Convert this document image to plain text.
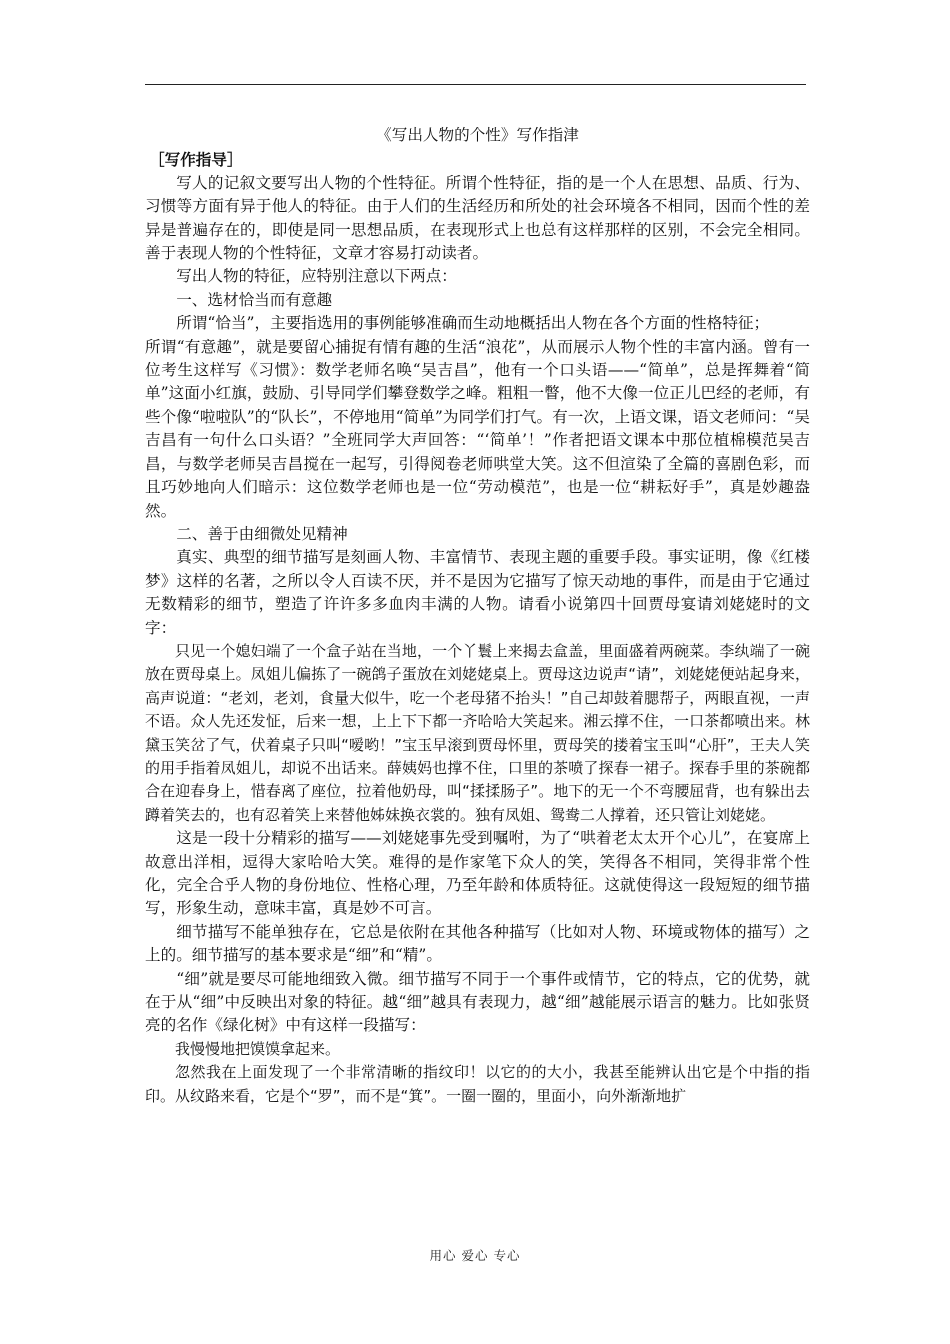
《写出人物的个性》写作指津
［写作指导］

写人的记叙文要写出人物的个性特征。所谓个性特征，指的是一个人在思想、品质、行为、习惯等方面有异于他人的特征。由于人们的生活经历和所处的社会环境各不相同，因而个性的差异是普遍存在的，即使是同一思想品质，在表现形式上也总有这样那样的区别，不会完全相同。善于表现人物的个性特征，文章才容易打动读者。

写出人物的特征，应特别注意以下两点：

一、选材恰当而有意趣

所谓“恰当”，主要指选用的事例能够准确而生动地概括出人物在各个方面的性格特征；

所谓“有意趣”，就是要留心捕捉有情有趣的生活“浪花”，从而展示人物个性的丰富内涵。曾有一位考生这样写《习惯》：数学老师名唤“吴吉昌”，他有一个口头语——“简单”，总是挥舞着“简单”这面小红旗，鼓励、引导同学们攀登数学之峰。粗粗一瞥，他不大像一位正儿巴经的老师，有些个像“啦啦队”的“队长”，不停地用“简单”为同学们打气。有一次，上语文课，语文老师问：“吴吉昌有一句什么口头语？”全班同学大声回答：“‘简单’！”作者把语文课本中那位植棉模范吴吉昌，与数学老师吴吉昌搅在一起写，引得阅卷老师哄堂大笑。这不但渲染了全篇的喜剧色彩，而且巧妙地向人们暗示：这位数学老师也是一位“劳动模范”，也是一位“耕耘好手”，真是妙趣盎然。

二、善于由细微处见精神

真实、典型的细节描写是刻画人物、丰富情节、表现主题的重要手段。事实证明，像《红楼梦》这样的名著，之所以令人百读不厌，并不是因为它描写了惊天动地的事件，而是由于它通过无数精彩的细节，塑造了许许多多血肉丰满的人物。请看小说第四十回贾母宴请刘姥姥时的文字：

只见一个媳妇端了一个盒子站在当地，一个丫鬟上来揭去盒盖，里面盛着两碗菜。李纨端了一碗放在贾母桌上。凤姐儿偏拣了一碗鸽子蛋放在刘姥姥桌上。贾母这边说声“请”，刘姥姥便站起身来，高声说道：“老刘，老刘，食量大似牛，吃一个老母猪不抬头！”自己却鼓着腮帮子，两眼直视，一声不语。众人先还发怔，后来一想，上上下下都一齐哈哈大笑起来。湘云撑不住，一口茶都喷出来。林黛玉笑岔了气，伏着桌子只叫“嗳哟！”宝玉早滚到贾母怀里，贾母笑的搂着宝玉叫“心肝”，王夫人笑的用手指着凤姐儿，却说不出话来。薛姨妈也撑不住，口里的茶喷了探春一裙子。探春手里的茶碗都合在迎春身上，惜春离了座位，拉着他奶母，叫“揉揉肠子”。地下的无一个不弯腰屈背，也有躲出去蹲着笑去的，也有忍着笑上来替他姊妹换衣裳的。独有凤姐、鸳鸯二人撑着，还只管让刘姥姥。

这是一段十分精彩的描写——刘姥姥事先受到嘱咐，为了“哄着老太太开个心儿”，在宴席上故意出洋相，逗得大家哈哈大笑。难得的是作家笔下众人的笑，笑得各不相同，笑得非常个性化，完全合乎人物的身份地位、性格心理，乃至年龄和体质特征。这就使得这一段短短的细节描写，形象生动，意味丰富，真是妙不可言。

细节描写不能单独存在，它总是依附在其他各种描写（比如对人物、环境或物体的描写）之上的。细节描写的基本要求是“细”和“精”。

“细”就是要尽可能地细致入微。细节描写不同于一个事件或情节，它的特点，它的优势，就在于从“细”中反映出对象的特征。越“细”越具有表现力，越“细”越能展示语言的魅力。比如张贤亮的名作《绿化树》中有这样一段描写：

我慢慢地把馍馍拿起来。

忽然我在上面发现了一个非常清晰的指纹印！以它的的大小，我甚至能辨认出它是个中指的指印。从纹路来看，它是个“罗”，而不是“箕”。一圈一圈的，里面小，向外渐渐地扩

用心 爱心 专心
